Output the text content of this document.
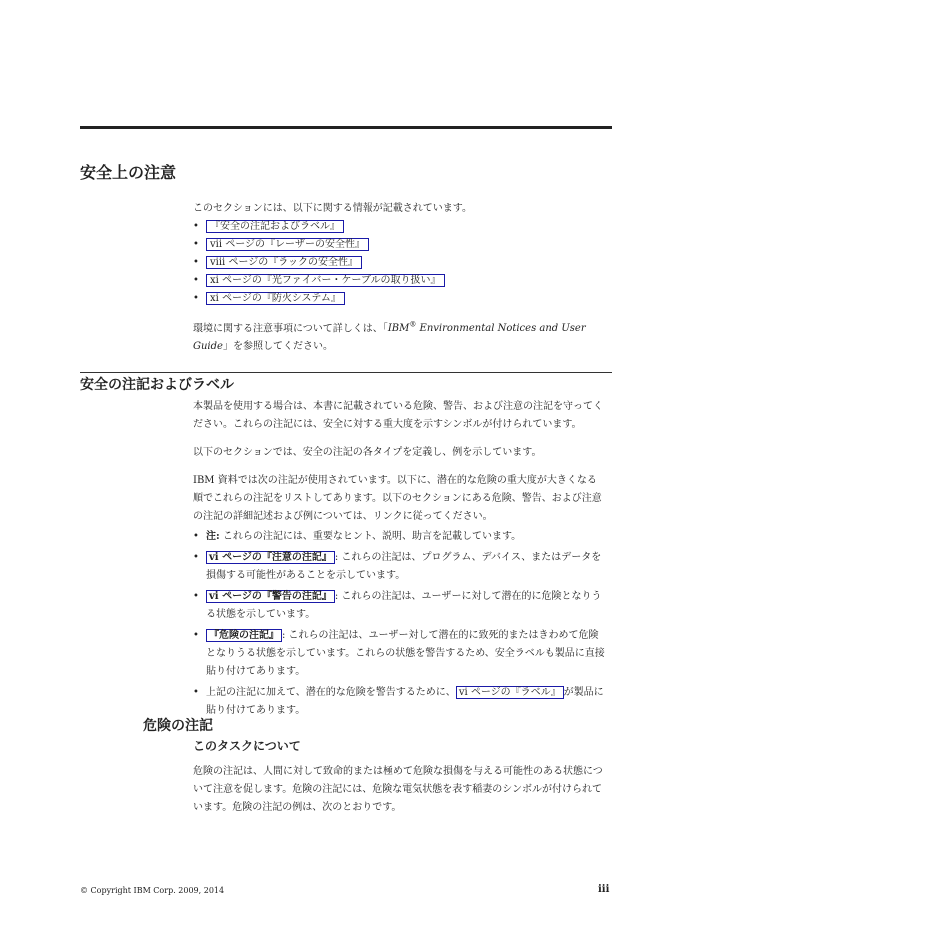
安全上の注意

このセクションには、以下に関する情報が記載されています。

• 『安全の注記およびラベル』
• vii ページの『レーザーの安全性』
• viii ページの『ラックの安全性』
• xi ページの『光ファイバー・ケーブルの取り扱い』
• xi ページの『防火システム』

環境に関する注意事項について詳しくは、「IBM® Environmental Notices and User Guide」を参照してください。

安全の注記およびラベル

本製品を使用する場合は、本書に記載されている危険、警告、および注意の注記を守ってください。これらの注記には、安全に対する重大度を示すシンボルが付けられています。

以下のセクションでは、安全の注記の各タイプを定義し、例を示しています。

IBM 資料では次の注記が使用されています。以下に、潜在的な危険の重大度が大きくなる順でこれらの注記をリストしてあります。以下のセクションにある危険、警告、および注意の注記の詳細記述および例については、リンクに従ってください。

• 注: これらの注記には、重要なヒント、説明、助言を記載しています。
• vi ページの『注意の注記』 : これらの注記は、プログラム、デバイス、またはデータを損傷する可能性があることを示しています。
• vi ページの『警告の注記』 : これらの注記は、ユーザーに対して潜在的に危険となりうる状態を示しています。
• 『危険の注記』 : これらの注記は、ユーザー対して潜在的に致死的またはきわめて危険となりうる状態を示しています。これらの状態を警告するため、安全ラベルも製品に直接貼り付けてあります。
• 上記の注記に加えて、潜在的な危険を警告するために、 vi ページの『ラベル』 が製品に貼り付けてあります。
危険の注記
このタスクについて

危険の注記は、人間に対して致命的または極めて危険な損傷を与える可能性のある状態について注意を促します。危険の注記には、危険な電気状態を表す稲妻のシンボルが付けられています。危険の注記の例は、次のとおりです。

© Copyright IBM Corp. 2009, 2014	iii
